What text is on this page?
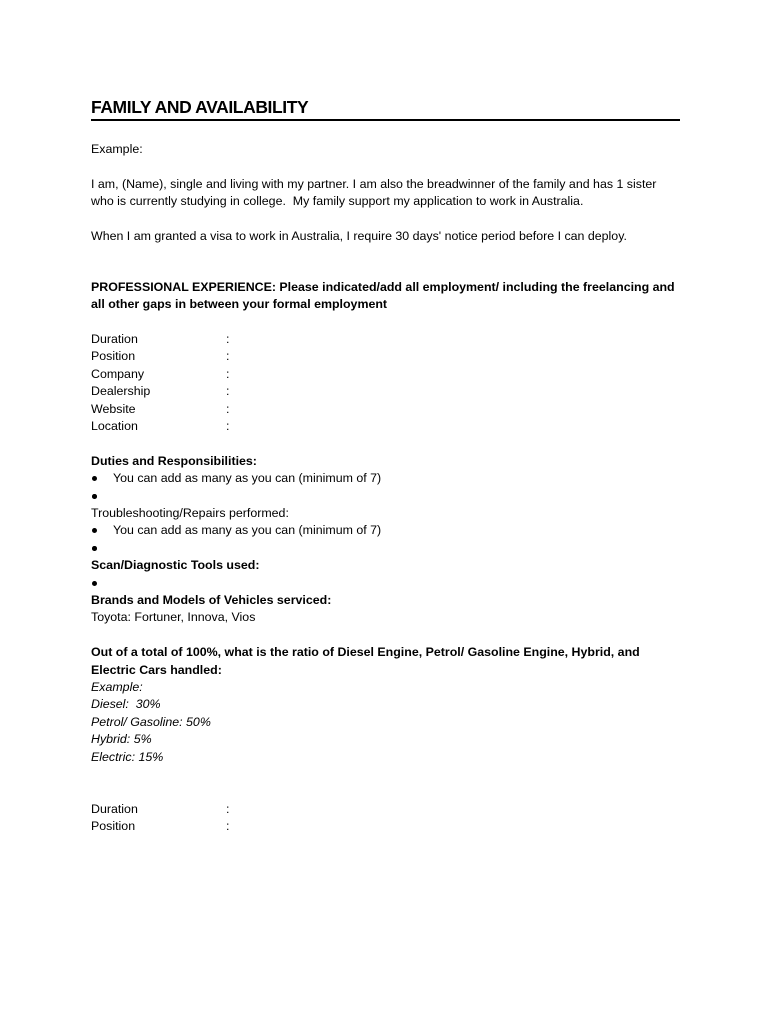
FAMILY AND AVAILABILITY

Example:

I am, (Name), single and living with my partner. I am also the breadwinner of the family and has 1 sister who is currently studying in college.  My family support my application to work in Australia.

When I am granted a visa to work in Australia, I require 30 days' notice period before I can deploy.

PROFESSIONAL EXPERIENCE: Please indicated/add all employment/ including the freelancing and all other gaps in between your formal employment

Duration	:
Position	:
Company	:
Dealership	:
Website	:
Location	:

Duties and Responsibilities:

You can add as many as you can (minimum of 7)

Troubleshooting/Repairs performed:

You can add as many as you can (minimum of 7)

Scan/Diagnostic Tools used:

Brands and Models of Vehicles serviced:

Toyota: Fortuner, Innova, Vios

Out of a total of 100%, what is the ratio of Diesel Engine, Petrol/ Gasoline Engine, Hybrid, and Electric Cars handled:

Example:

Diesel:  30%

Petrol/ Gasoline: 50%

Hybrid: 5%

Electric: 15%

Duration	:
Position	:
